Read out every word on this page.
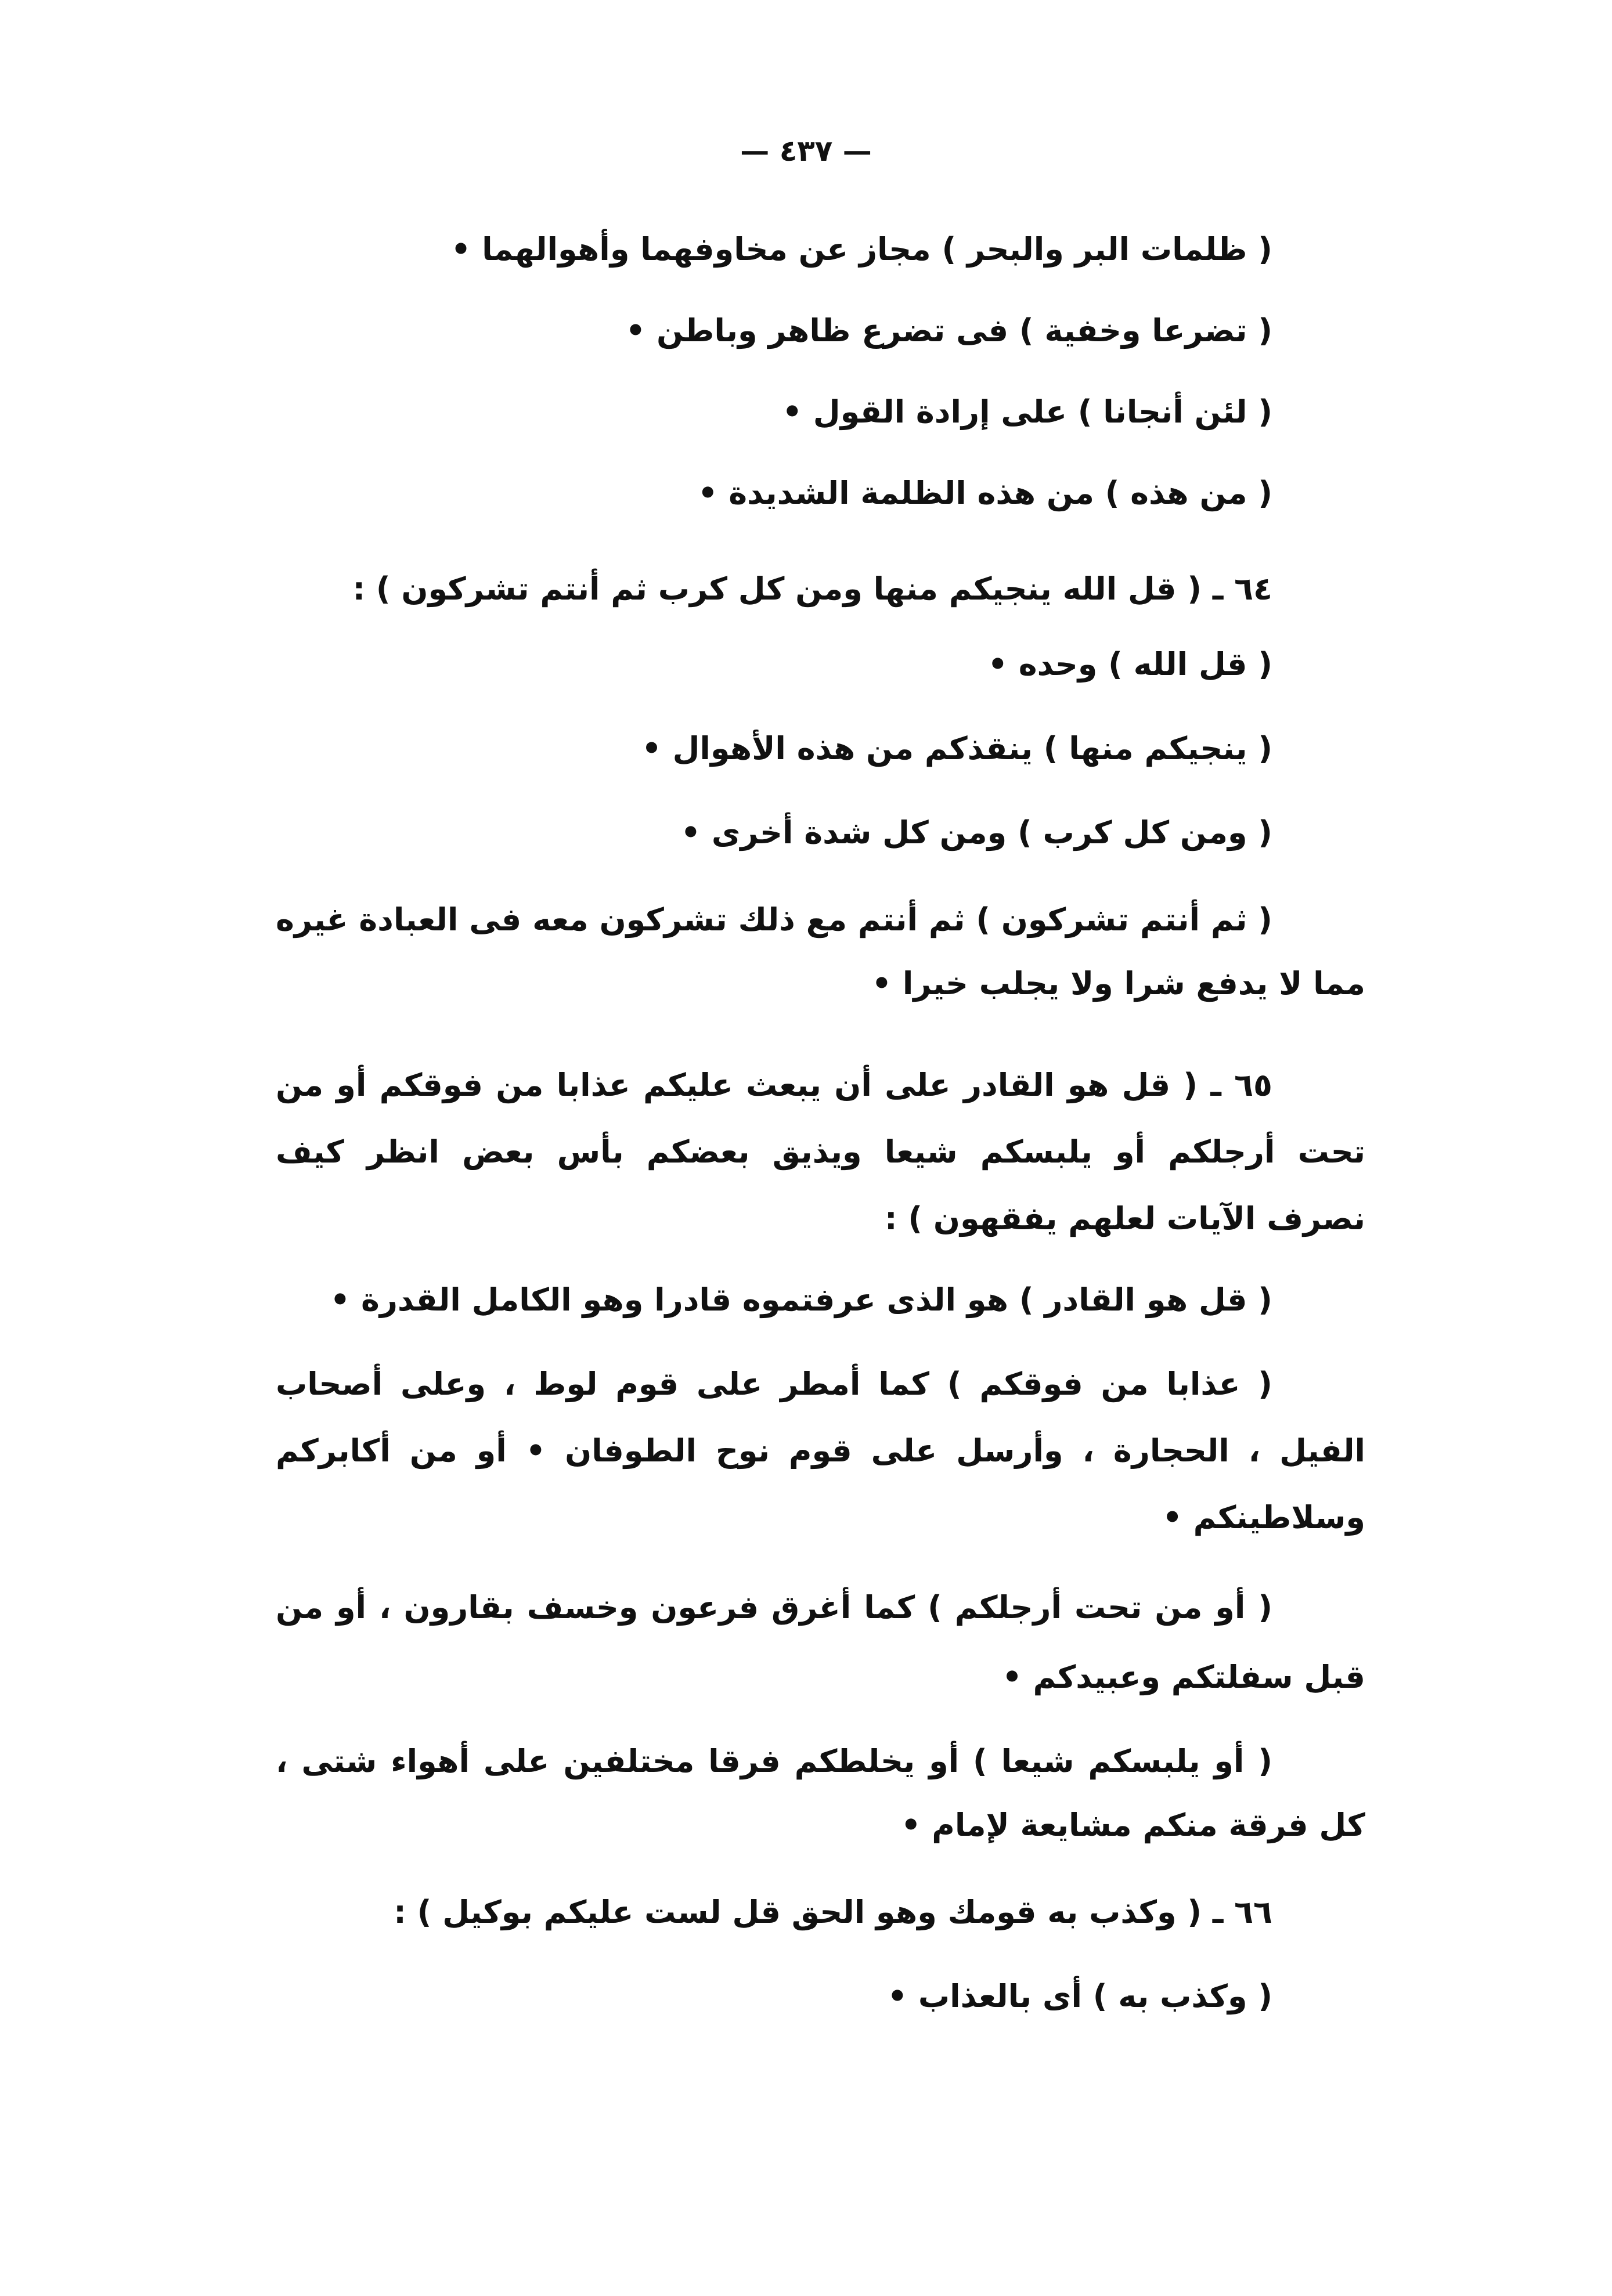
— ٤٣٧ —
( ظلمات البر والبحر ) مجاز عن مخاوفهما وأهوالهما •
( تضرعا وخفية ) فى تضرع ظاهر وباطن •
( لئن أنجانا ) على إرادة القول •
( من هذه ) من هذه الظلمة الشديدة •
٦٤ ـ ( قل الله ينجيكم منها ومن كل كرب ثم أنتم تشركون ) :
( قل الله ) وحده •
( ينجيكم منها ) ينقذكم من هذه الأهوال •
( ومن كل كرب ) ومن كل شدة أخرى •
( ثم أنتم تشركون ) ثم أنتم مع ذلك تشركون معه فى العبادة غيره
مما لا يدفع شرا ولا يجلب خيرا •
٦٥ ـ ( قل هو القادر على أن يبعث عليكم عذابا من فوقكم أو من
تحت أرجلكم أو يلبسكم شيعا ويذيق بعضكم بأس بعض انظر كيف
نصرف الآيات لعلهم يفقهون ) :
( قل هو القادر ) هو الذى عرفتموه قادرا وهو الكامل القدرة •
( عذابا من فوقكم ) كما أمطر على قوم لوط ، وعلى أصحاب
الفيل ، الحجارة ، وأرسل على قوم نوح الطوفان • أو من أكابركم
وسلاطينكم •
( أو من تحت أرجلكم ) كما أغرق فرعون وخسف بقارون ، أو من
قبل سفلتكم وعبيدكم •
( أو يلبسكم شيعا ) أو يخلطكم فرقا مختلفين على أهواء شتى ،
كل فرقة منكم مشايعة لإمام •
٦٦ ـ ( وكذب به قومك وهو الحق قل لست عليكم بوكيل ) :
( وكذب به ) أى بالعذاب •
